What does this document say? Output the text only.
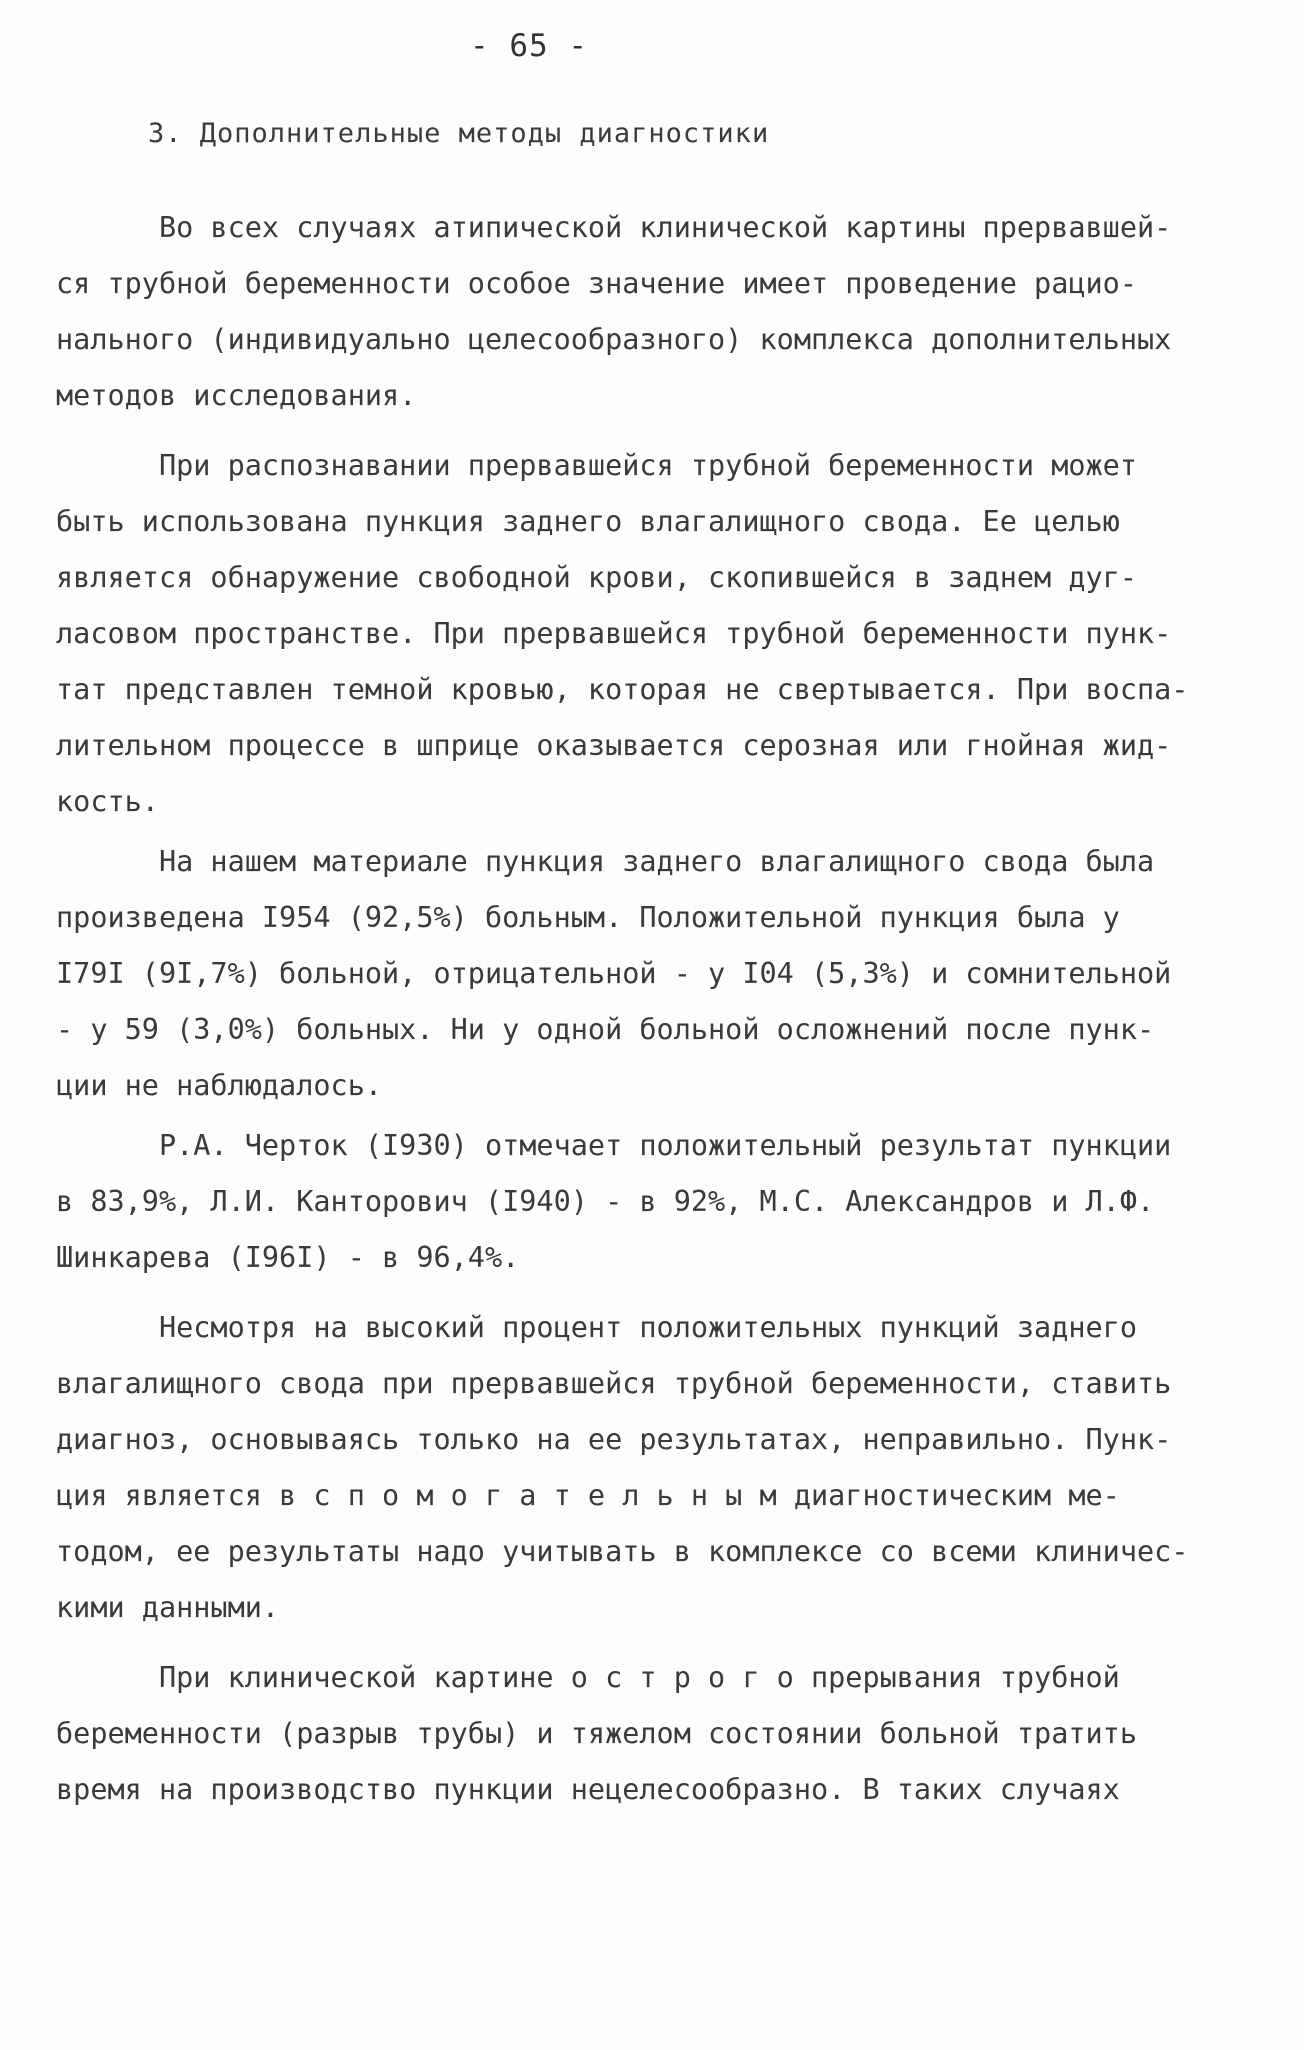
- 65 -
3. Дополнительные методы диагностики
Во всех случаях атипической клинической картины прервавшей-
ся трубной беременности особое значение имеет проведение рацио-
нального (индивидуально целесообразного) комплекса дополнительных
методов исследования.
При распознавании прервавшейся трубной беременности может
быть использована пункция заднего влагалищного свода. Ее целью
является обнаружение свободной крови, скопившейся в заднем дуг-
ласовом пространстве. При прервавшейся трубной беременности пунк-
тат представлен темной кровью, которая не свертывается. При воспа-
лительном процессе в шприце оказывается серозная или гнойная жид-
кость.
На нашем материале пункция заднего влагалищного свода была
произведена I954 (92,5%) больным. Положительной пункция была у
I79I (9I,7%) больной, отрицательной - у I04 (5,3%) и сомнительной
- у 59 (3,0%) больных. Ни у одной больной осложнений после пунк-
ции не наблюдалось.
Р.А. Черток (I930) отмечает положительный результат пункции
в 83,9%, Л.И. Канторович (I940) - в 92%, М.С. Александров и Л.Ф.
Шинкарева (I96I) - в 96,4%.
Несмотря на высокий процент положительных пункций заднего
влагалищного свода при прервавшейся трубной беременности, ставить
диагноз, основываясь только на ее результатах, неправильно. Пунк-
ция является в с п о м о г а т е л ь н ы м диагностическим ме-
тодом, ее результаты надо учитывать в комплексе со всеми клиничес-
кими данными.
При клинической картине о с т р о г о прерывания трубной
беременности (разрыв трубы) и тяжелом состоянии больной тратить
время на производство пункции нецелесообразно. В таких случаях
